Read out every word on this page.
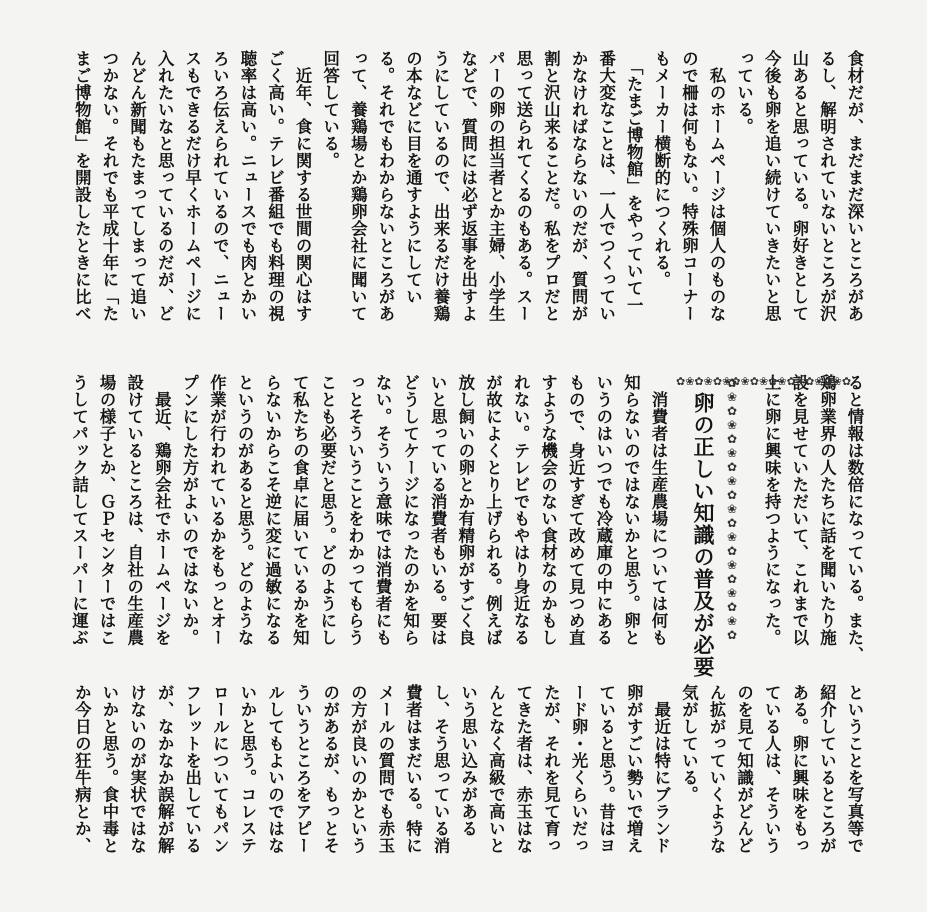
食材だが、まだまだ深いところがあ

るし、解明されていないところが沢

山あると思っている。卵好きとして

今後も卵を追い続けていきたいと思

っている。

　私のホームページは個人のものな

ので柵は何もない。特殊卵コーナー

もメーカー横断的につくれる。

　「たまご博物館」をやっていて一

番大変なことは、一人でつくってい

かなければならないのだが、質問が

割と沢山来ることだ。私をプロだと

思って送られてくるのもある。スー

パーの卵の担当者とか主婦、小学生

などで、質問には必ず返事を出すよ

うにしているので、出来るだけ養鶏

の本などに目を通すようにしてい

る。それでもわからないところがあ

って、養鶏場とか鶏卵会社に聞いて

回答している。

　近年、食に関する世間の関心はす

ごく高い。テレビ番組でも料理の視

聴率は高い。ニュースでも肉とかい

ろいろ伝えられているので、ニュー

スもできるだけ早くホームページに

入れたいなと思っているのだが、ど

んどん新聞もたまってしまって追い

つかない。それでも平成十年に「た

まご博物館」を開設したときに比べ

ると情報は数倍になっている。また、

鶏卵業界の人たちに話を聞いたり施

設を見せていただいて、これまで以

上に卵に興味を持つようになった。

✿❀✿❀✿❀✿❀✿❀✿❀✿❀✿❀✿❀✿
✿❀✿❀✿❀✿❀✿❀✿❀✿❀✿❀✿❀✿
卵の正しい知識の普及が必要

　消費者は生産農場については何も

知らないのではないかと思う。卵と

いうのはいつでも冷蔵庫の中にある

もので、身近すぎて改めて見つめ直

すような機会のない食材なのかもし

れない。テレビでもやはり身近なる

が故によくとり上げられる。例えば

放し飼いの卵とか有精卵がすごく良

いと思っている消費者もいる。要は

どうしてケージになったのかを知ら

ない。そういう意味では消費者にも

っとそういうことをわかってもらう

ことも必要だと思う。どのようにし

て私たちの食卓に届いているかを知

らないからこそ逆に変に過敏になる

というのがあると思う。どのような

作業が行われているかをもっとオー

プンにした方がよいのではないか。

　最近、鶏卵会社でホームページを

設けているところは、自社の生産農

場の様子とか、ＧＰセンターではこ

うしてパック詰してスーパーに運ぶ

ということを写真等で

紹介しているところが

ある。卵に興味をもっ

ている人は、そういう

のを見て知識がどんど

ん拡がっていくような

気がしている。

　最近は特にブランド

卵がすごい勢いで増え

ていると思う。昔はヨ

ード卵・光くらいだっ

たが、それを見て育っ

てきた者は、赤玉はな

んとなく高級で高いと

いう思い込みがある

し、そう思っている消

費者はまだいる。特に

メールの質問でも赤玉

の方が良いのかという

のがあるが、もっとそ

ういうところをアピー

ルしてもよいのではな

いかと思う。コレステ

ロールについてもパン

フレットを出している

が、なかなか誤解が解

けないのが実状ではな

いかと思う。食中毒と

か今日の狂牛病とか、
